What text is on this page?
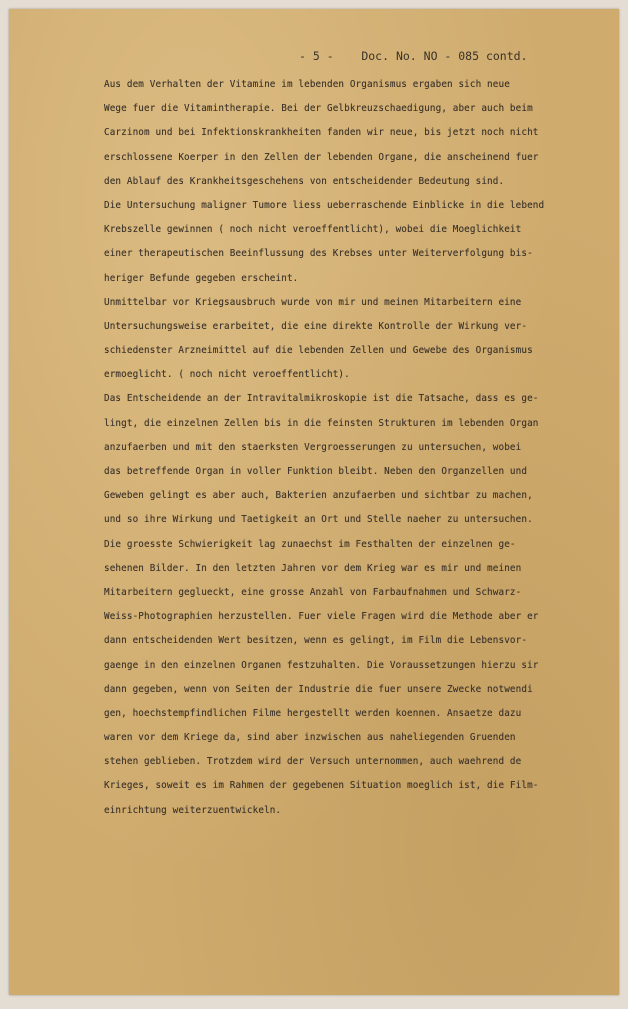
- 5 - Doc. No. NO - 085 contd.
Aus dem Verhalten der Vitamine im lebenden Organismus ergaben sich neue
Wege fuer die Vitamintherapie. Bei der Gelbkreuzschaedigung, aber auch beim
Carzinom und bei Infektionskrankheiten fanden wir neue, bis jetzt noch nicht
erschlossene Koerper in den Zellen der lebenden Organe, die anscheinend fuer
den Ablauf des Krankheitsgeschehens von entscheidender Bedeutung sind.
Die Untersuchung maligner Tumore liess ueberraschende Einblicke in die lebend
Krebszelle gewinnen ( noch nicht veroeffentlicht), wobei die Moeglichkeit
einer therapeutischen Beeinflussung des Krebses unter Weiterverfolgung bis-
heriger Befunde gegeben erscheint.
Unmittelbar vor Kriegsausbruch wurde von mir und meinen Mitarbeitern eine
Untersuchungsweise erarbeitet, die eine direkte Kontrolle der Wirkung ver-
schiedenster Arzneimittel auf die lebenden Zellen und Gewebe des Organismus
ermoeglicht. ( noch nicht veroeffentlicht).
Das Entscheidende an der Intravitalmikroskopie ist die Tatsache, dass es ge-
lingt, die einzelnen Zellen bis in die feinsten Strukturen im lebenden Organ
anzufaerben und mit den staerksten Vergroesserungen zu untersuchen, wobei
das betreffende Organ in voller Funktion bleibt. Neben den Organzellen und
Geweben gelingt es aber auch, Bakterien anzufaerben und sichtbar zu machen,
und so ihre Wirkung und Taetigkeit an Ort und Stelle naeher zu untersuchen.
Die groesste Schwierigkeit lag zunaechst im Festhalten der einzelnen ge-
sehenen Bilder. In den letzten Jahren vor dem Krieg war es mir und meinen
Mitarbeitern geglueckt, eine grosse Anzahl von Farbaufnahmen und Schwarz-
Weiss-Photographien herzustellen. Fuer viele Fragen wird die Methode aber er
dann entscheidenden Wert besitzen, wenn es gelingt, im Film die Lebensvor-
gaenge in den einzelnen Organen festzuhalten. Die Voraussetzungen hierzu sir
dann gegeben, wenn von Seiten der Industrie die fuer unsere Zwecke notwendi
gen, hoechstempfindlichen Filme hergestellt werden koennen. Ansaetze dazu
waren vor dem Kriege da, sind aber inzwischen aus naheliegenden Gruenden
stehen geblieben. Trotzdem wird der Versuch unternommen, auch waehrend de
Krieges, soweit es im Rahmen der gegebenen Situation moeglich ist, die Film-
einrichtung weiterzuentwickeln.
